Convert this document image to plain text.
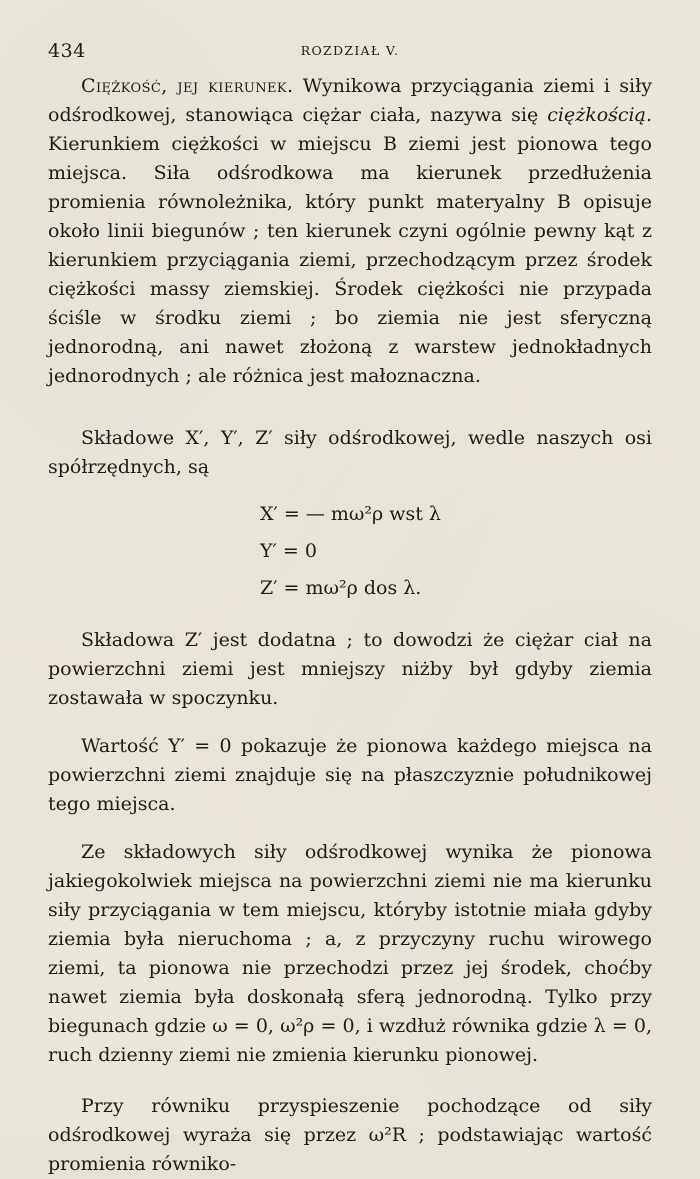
434	ROZDZIAŁ V.

Ciężkość, jej kierunek. Wynikowa przyciągania ziemi i siły odśrodkowej, stanowiąca ciężar ciała, nazywa się ciężkością. Kierunkiem ciężkości w miejscu B ziemi jest pionowa tego miejsca. Siła odśrodkowa ma kierunek przedłużenia promienia równoleżnika, który punkt materyalny B opisuje około linii biegunów ; ten kierunek czyni ogólnie pewny kąt z kierunkiem przyciągania ziemi, przechodzącym przez środek ciężkości massy ziemskiej. Środek ciężkości nie przypada ściśle w środku ziemi ; bo ziemia nie jest sferyczną jednorodną, ani nawet złożoną z warstew jednokładnych jednorodnych ; ale różnica jest małoznaczna.

Składowe X′, Y′, Z′ siły odśrodkowej, wedle naszych osi spółrzędnych, są

X′ = — mω²ρ wst λ
Y′ = 0
Z′ = mω²ρ dos λ.

Składowa Z′ jest dodatna ; to dowodzi że ciężar ciał na powierzchni ziemi jest mniejszy niżby był gdyby ziemia zostawała w spoczynku.

Wartość Y′ = 0 pokazuje że pionowa każdego miejsca na powierzchni ziemi znajduje się na płaszczyznie południkowej tego miejsca.

Ze składowych siły odśrodkowej wynika że pionowa jakiegokolwiek miejsca na powierzchni ziemi nie ma kierunku siły przyciągania w tem miejscu, któryby istotnie miała gdyby ziemia była nieruchoma ; a, z przyczyny ruchu wirowego ziemi, ta pionowa nie przechodzi przez jej środek, choćby nawet ziemia była doskonałą sferą jednorodną. Tylko przy biegunach gdzie ω = 0, ω²ρ = 0, i wzdłuż równika gdzie λ = 0, ruch dzienny ziemi nie zmienia kierunku pionowej.

Przy równiku przyspieszenie pochodzące od siły odśrodkowej wyraża się przez ω²R ; podstawiając wartość promienia równiko-
